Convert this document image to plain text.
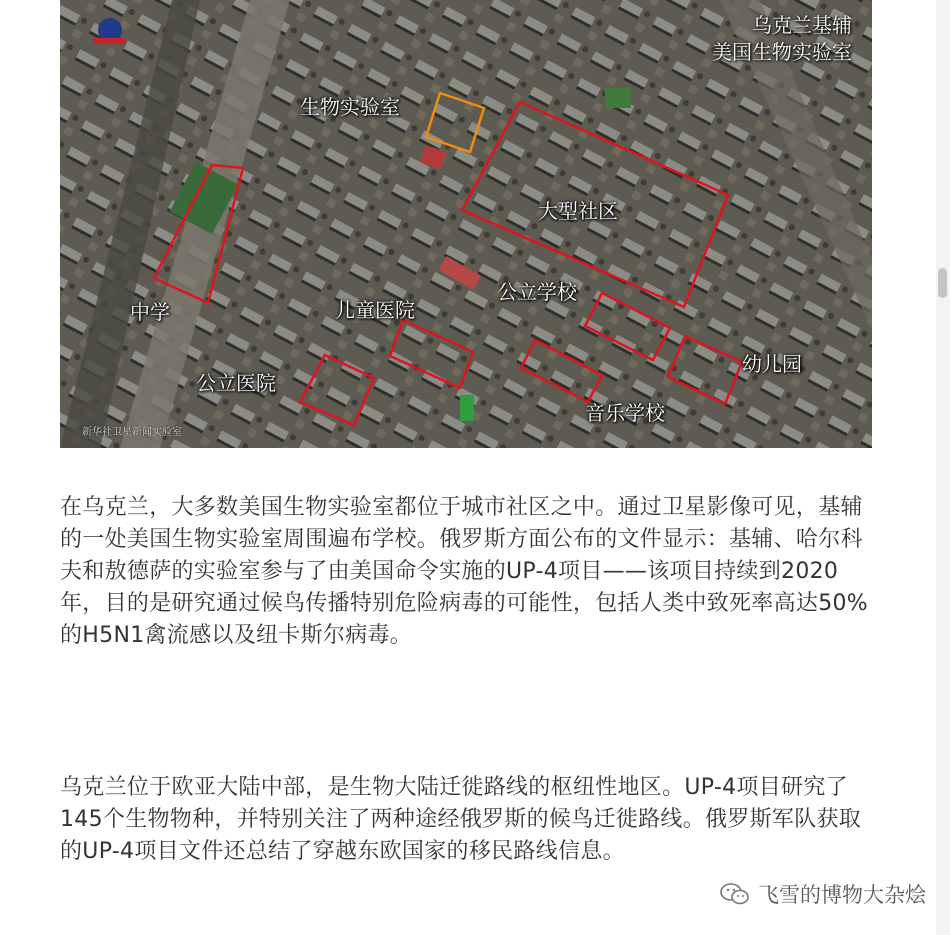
乌克兰基辅
美国生物实验室
生物实验室
大型社区
中学	儿童医院
公立学校
公立医院
幼儿园
音乐学校
新华社卫星新闻实验室

在乌克兰，大多数美国生物实验室都位于城市社区之中。通过卫星影像可见，基辅的一处美国生物实验室周围遍布学校。俄罗斯方面公布的文件显示：基辅、哈尔科夫和敖德萨的实验室参与了由美国命令实施的UP-4项目——该项目持续到2020年，目的是研究通过候鸟传播特别危险病毒的可能性，包括人类中致死率高达50%的H5N1禽流感以及纽卡斯尔病毒。

乌克兰位于欧亚大陆中部，是生物大陆迁徙路线的枢纽性地区。UP-4项目研究了145个生物物种，并特别关注了两种途经俄罗斯的候鸟迁徙路线。俄罗斯军队获取的UP-4项目文件还总结了穿越东欧国家的移民路线信息。

飞雪的博物大杂烩
